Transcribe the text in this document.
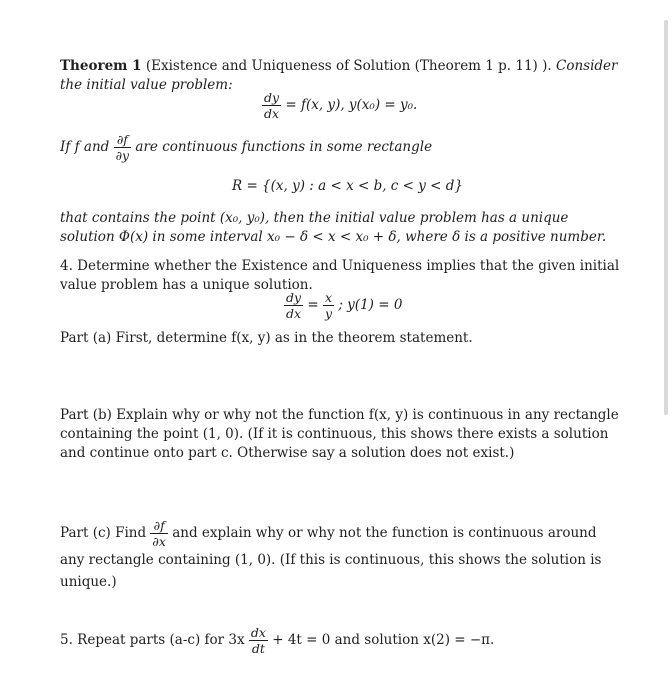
Theorem 1 (Existence and Uniqueness of Solution (Theorem 1 p. 11) ). Consider the initial value problem:
$\frac{dy}{dx} = f(x$, y), y(x₀) = y₀.
If f and $\frac{\partial f}{\partial y}$ are continuous functions in some rectangle
R = {(x, y) : a < x < b, c < y < d}
that contains the point (x₀, y₀), then the initial value problem has a unique solution Φ(x) in some interval x₀ − δ < x < x₀ + δ, where δ is a positive number.
4. Determine whether the Existence and Uniqueness implies that the given initial value problem has a unique solution.
$\frac{dy}{dx} = \frac{x}{y}$ ; y(1) = 0
Part (a) First, determine f(x, y) as in the theorem statement.
Part (b) Explain why or why not the function f(x, y) is continuous in any rectangle containing the point (1, 0). (If it is continuous, this shows there exists a solution and continue onto part c. Otherwise say a solution does not exist.)
Part (c) Find $\frac{\partial f}{\partial x}$ and explain why or why not the function is continuous around any rectangle containing (1, 0). (If this is continuous, this shows the solution is unique.)
5. Repeat parts (a-c) for $3x \frac{dx}{dt} + 4t = 0$ and solution x(2) = −π.
